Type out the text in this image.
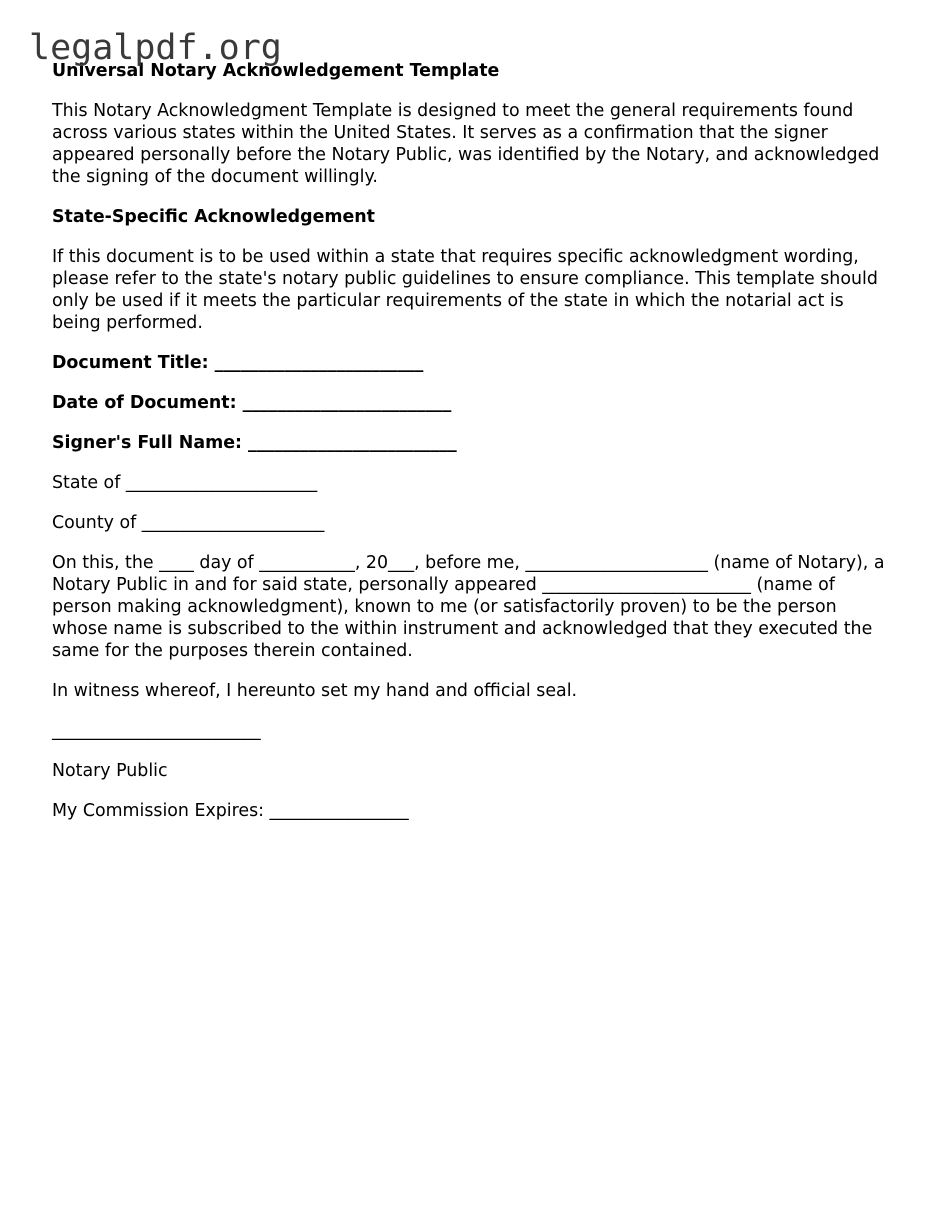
legalpdf.org

Universal Notary Acknowledgement Template

This Notary Acknowledgment Template is designed to meet the general requirements found across various states within the United States. It serves as a confirmation that the signer appeared personally before the Notary Public, was identified by the Notary, and acknowledged the signing of the document willingly.

State-Specific Acknowledgement

If this document is to be used within a state that requires specific acknowledgment wording, please refer to the state's notary public guidelines to ensure compliance. This template should only be used if it meets the particular requirements of the state in which the notarial act is being performed.

Document Title: ________________________

Date of Document: ________________________

Signer's Full Name: ________________________

State of ______________________

County of _____________________

On this, the ____ day of ___________, 20___, before me, _____________________ (name of Notary), a Notary Public in and for said state, personally appeared ________________________ (name of person making acknowledgment), known to me (or satisfactorily proven) to be the person whose name is subscribed to the within instrument and acknowledged that they executed the same for the purposes therein contained.

In witness whereof, I hereunto set my hand and official seal.

________________________

Notary Public

My Commission Expires: ________________
